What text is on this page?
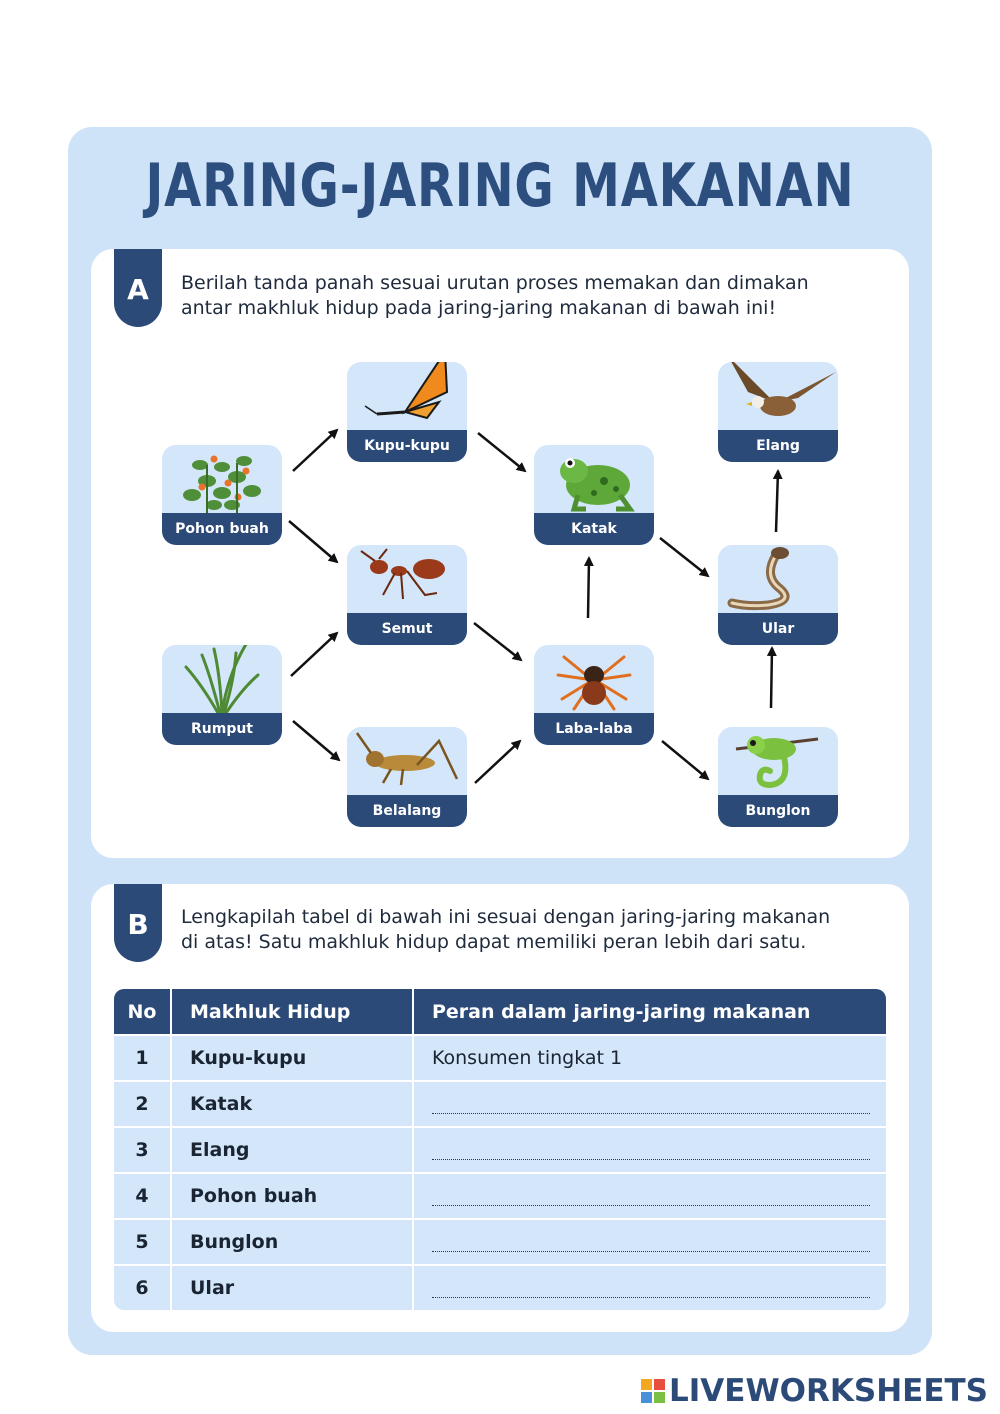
JARING-JARING MAKANAN
A	Berilah tanda panah sesuai urutan proses memakan dan dimakan
antar makhluk hidup pada jaring-jaring makanan di bawah ini!
Pohon buah
Rumput
Kupu-kupu
Semut
Belalang
Katak
Laba-laba
Elang
Ular
Bunglon
B	Lengkapilah tabel di bawah ini sesuai dengan jaring-jaring makanan
di atas! Satu makhluk hidup dapat memiliki peran lebih dari satu.
No	Makhluk Hidup	Peran dalam jaring-jaring makanan
1	Kupu-kupu	Konsumen tingkat 1
2	Katak	

3	Elang	

4	Pohon buah	

5	Bunglon	

6	Ular	
LIVEWORKSHEETS
